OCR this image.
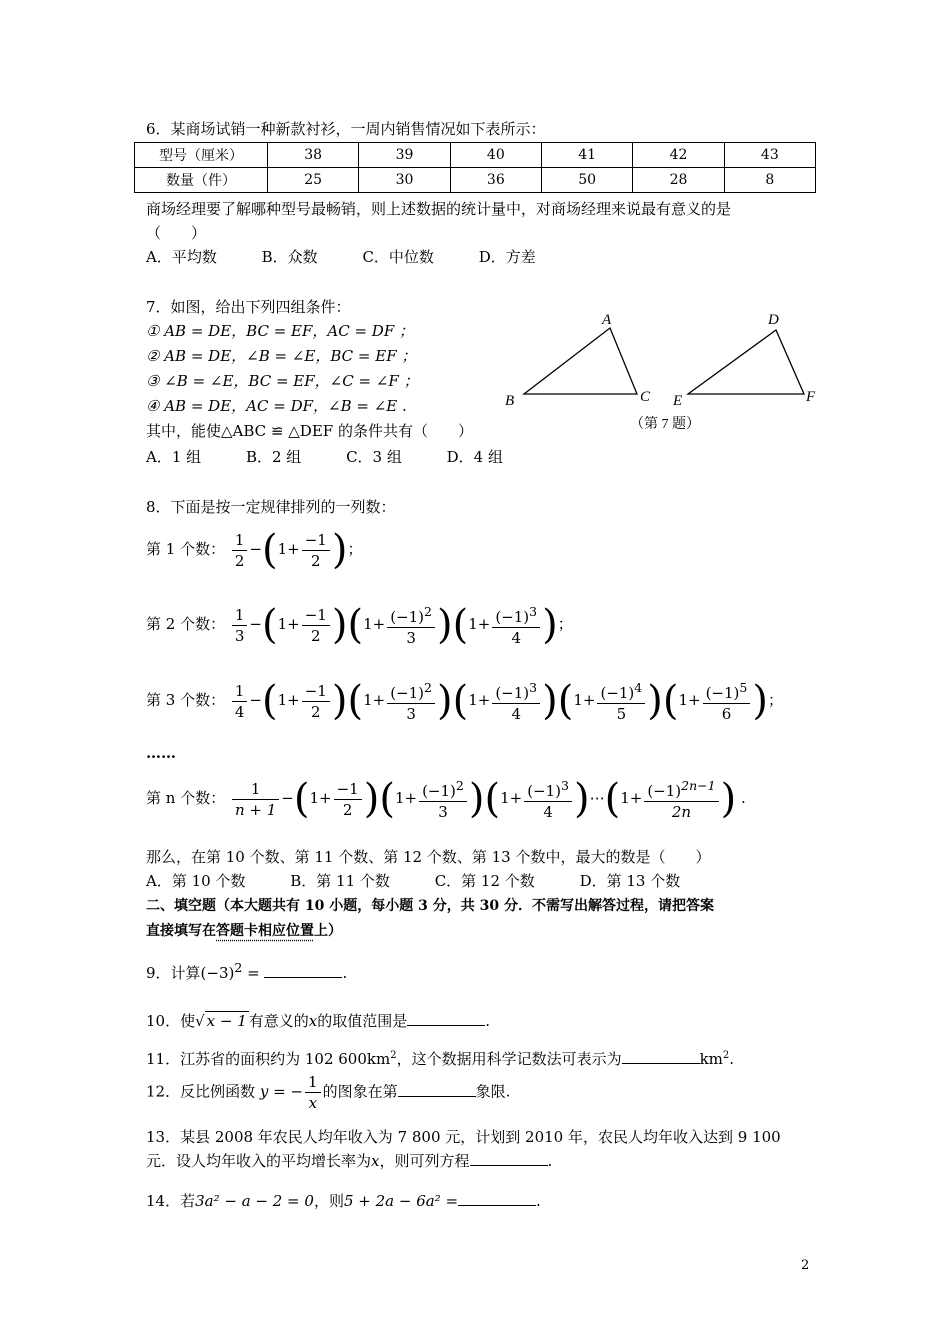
6．某商场试销一种新款衬衫，一周内销售情况如下表所示：
型号（厘米）	38	39	40	41	42	43
数量（件）	25	30	36	50	28	8
商场经理要了解哪种型号最畅销，则上述数据的统计量中，对商场经理来说最有意义的是
（　　）
A．平均数	B．众数	C．中位数	D．方差
7．如图，给出下列四组条件：
① AB = DE，BC = EF，AC = DF ；
② AB = DE，∠B = ∠E，BC = EF ；
③ ∠B = ∠E，BC = EF，∠C = ∠F ；
④ AB = DE，AC = DF，∠B = ∠E .
其中，能使△ABC ≌ △DEF 的条件共有（　　）
A．1 组	B．2 组	C．3 组	D．4 组
A
B	C
D
E	F
（第 7 题）
8．下面是按一定规律排列的一列数：
第 1 个数： $\frac{1}{2} -(1+ \frac{-1}{2}$ )；
第 2 个数： $\frac{1}{3} -(1+ \frac{-1}{2} )(1+ \frac{(-1)^2}{3} )(1+ \frac{(-1)^3}{4}$ )；
第 3 个数： $\frac{1}{4} -(1+ \frac{-1}{2} )(1+ \frac{(-1)^2}{3} )(1+ \frac{(-1)^3}{4} )(1+ \frac{(-1)^4}{5} )(1+ \frac{(-1)^5}{6}$ )；
……
第 n 个数： $\frac{1}{n + 1} -(1+ \frac{-1}{2} )(1+ \frac{(-1)^2}{3} )(1+ \frac{(-1)^3}{4}$ )⋯(1+ $\frac{(-1)^{2n-1}}{2n}$ ) .
那么，在第 10 个数、第 11 个数、第 12 个数、第 13 个数中，最大的数是（　　）
A．第 10 个数	B．第 11 个数	C．第 12 个数	D．第 13 个数
二、填空题（本大题共有 10 小题，每小题 3 分，共 30 分．不需写出解答过程，请把答案
直接填写在答题卡相应位置上）
9．计算$(-3)^2$ =	.
10．使√ x − 1 有意义的x的取值范围是	.
11．江苏省的面积约为 102 $600km^2$，这个数据用科学记数法可表示为	$km^2$.
12．反比例函数 y = − $\frac{1}{x}$ 的图象在第	象限.
13．某县 2008 年农民人均年收入为 7 800 元，计划到 2010 年，农民人均年收入达到 9 100
元．设人均年收入的平均增长率为x，则可列方程	.
14．若3a² − a − 2 = 0，则5 + 2a − 6a² =	.
2
